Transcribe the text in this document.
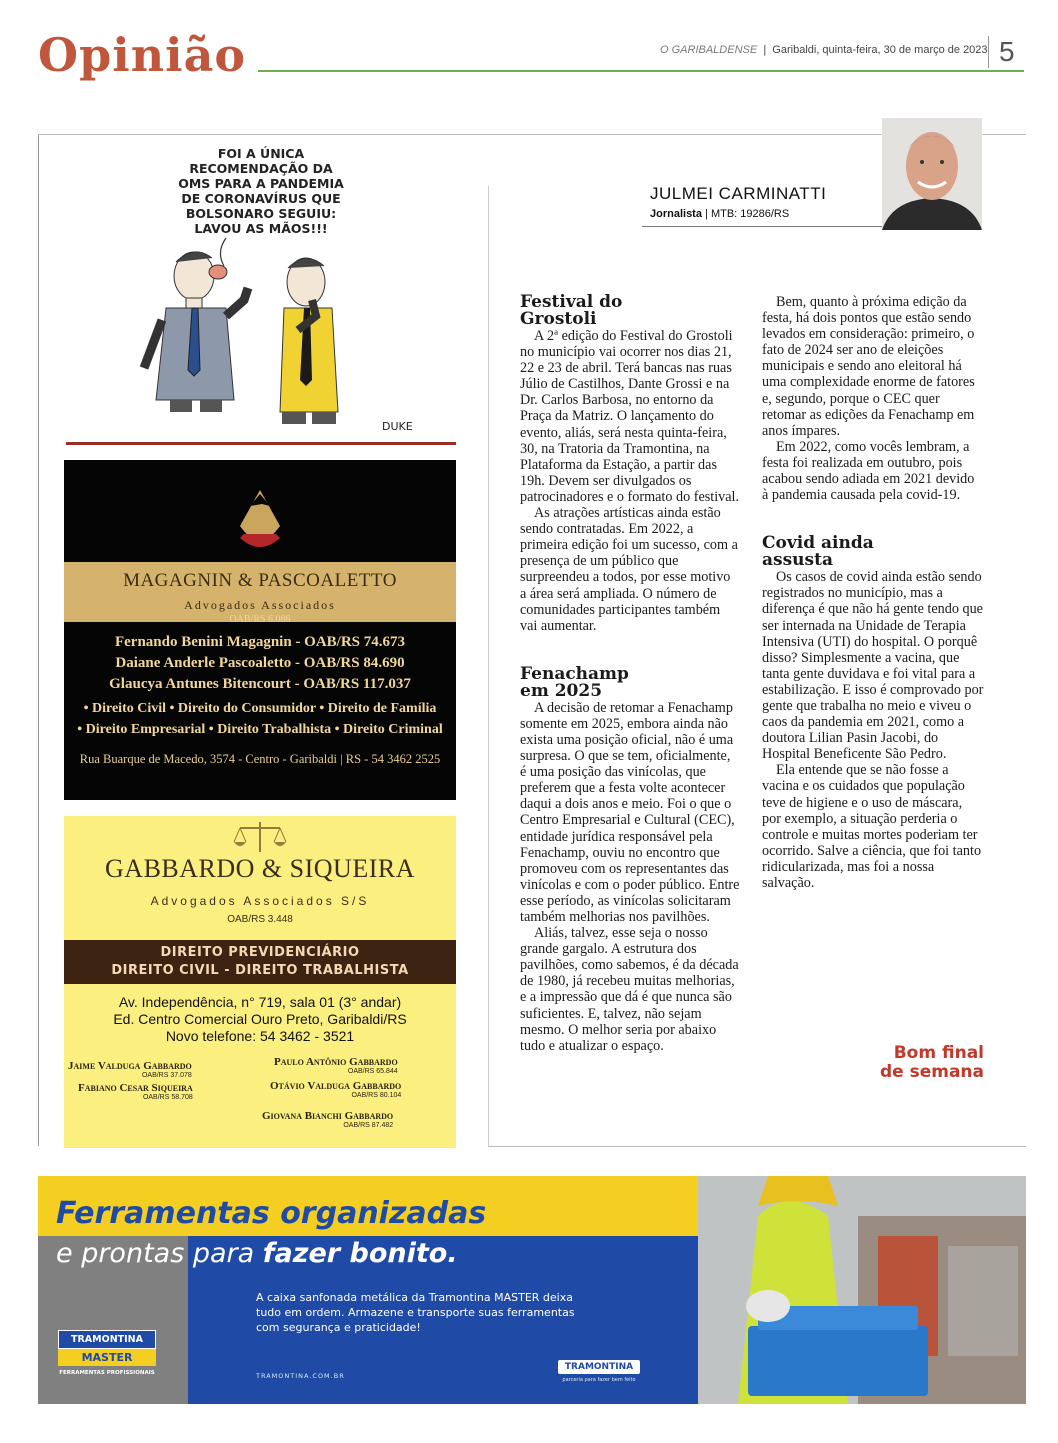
Opinião	O GARIBALDENSE  |  Garibaldi, quinta-feira, 30 de março de 2023 5
FOI A ÚNICA
RECOMENDAÇÃO DA
OMS PARA A PANDEMIA
DE CORONAVÍRUS QUE
BOLSONARO SEGUIU:
LAVOU AS MÃOS!!!
DUKE
MAGAGNIN & PASCOALETTO
Advogados Associados
OAB/RS 6.086
Fernando Benini Magagnin - OAB/RS 74.673
Daiane Anderle Pascoaletto - OAB/RS 84.690
Glaucya Antunes Bitencourt - OAB/RS 117.037
• Direito Civil • Direito do Consumidor • Direito de Família
• Direito Empresarial • Direito Trabalhista • Direito Criminal
Rua Buarque de Macedo, 3574 - Centro - Garibaldi | RS - 54 3462 2525
GABBARDO & SIQUEIRA
Advogados Associados S/S
OAB/RS 3.448
DIREITO PREVIDENCIÁRIO
DIREITO CIVIL - DIREITO TRABALHISTA
Av. Independência, n° 719, sala 01 (3° andar)
Ed. Centro Comercial Ouro Preto, Garibaldi/RS
Novo telefone: 54 3462 - 3521
Jaime Valduga Gabbardo
OAB/RS 37.078
Paulo Antônio Gabbardo
OAB/RS 65.844
Fabiano Cesar Siqueira
OAB/RS 58.708
Otávio Valduga Gabbardo
OAB/RS 80.104
Giovana Bianchi Gabbardo
OAB/RS 87.482
JULMEI CARMINATTI
Jornalista | MTB: 19286/RS
Festival do
Grostoli

A 2ª edição do Festival do Grostoli no município vai ocorrer nos dias 21, 22 e 23 de abril. Terá bancas nas ruas Júlio de Castilhos, Dante Grossi e na Dr. Carlos Barbosa, no entorno da Praça da Matriz. O lançamento do evento, aliás, será nesta quinta-feira, 30, na Tratoria da Tramontina, na Plataforma da Estação, a partir das 19h. Devem ser divulgados os patrocinadores e o formato do festival.

As atrações artísticas ainda estão sendo contratadas. Em 2022, a primeira edição foi um sucesso, com a presença de um público que surpreendeu a todos, por esse motivo a área será ampliada. O número de comunidades participantes também vai aumentar.

Fenachamp
em 2025

A decisão de retomar a Fenachamp somente em 2025, embora ainda não exista uma posição oficial, não é uma surpresa. O que se tem, oficialmente, é uma posição das vinícolas, que preferem que a festa volte acontecer daqui a dois anos e meio. Foi o que o Centro Empresarial e Cultural (CEC), entidade jurídica responsável pela Fenachamp, ouviu no encontro que promoveu com os representantes das vinícolas e com o poder público. Entre esse período, as vinícolas solicitaram também melhorias nos pavilhões.

Aliás, talvez, esse seja o nosso grande gargalo. A estrutura dos pavilhões, como sabemos, é da década de 1980, já recebeu muitas melhorias, e a impressão que dá é que nunca são suficientes. E, talvez, não sejam mesmo. O melhor seria por abaixo tudo e atualizar o espaço.

Bem, quanto à próxima edição da festa, há dois pontos que estão sendo levados em consideração: primeiro, o fato de 2024 ser ano de eleições municipais e sendo ano eleitoral há uma complexidade enorme de fatores e, segundo, porque o CEC quer retomar as edições da Fenachamp em anos ímpares.

Em 2022, como vocês lembram, a festa foi realizada em outubro, pois acabou sendo adiada em 2021 devido à pandemia causada pela covid-19.

Covid ainda
assusta

Os casos de covid ainda estão sendo registrados no município, mas a diferença é que não há gente tendo que ser internada na Unidade de Terapia Intensiva (UTI) do hospital. O porquê disso? Simplesmente a vacina, que tanta gente duvidava e foi vital para a estabilização. E isso é comprovado por gente que trabalha no meio e viveu o caos da pandemia em 2021, como a doutora Lilian Pasin Jacobi, do Hospital Beneficente São Pedro.

Ela entende que se não fosse a vacina e os cuidados que população teve de higiene e o uso de máscara, por exemplo, a situação perderia o controle e muitas mortes poderiam ter ocorrido. Salve a ciência, que foi tanto ridicularizada, mas foi a nossa salvação.

Bom final
de semana
Ferramentas organizadas
e prontas para fazer bonito.
A caixa sanfonada metálica da Tramontina MASTER deixa tudo em ordem. Armazene e transporte suas ferramentas com segurança e praticidade!
TRAMONTINA.COM.BR
TRAMONTINA
MASTER
FERRAMENTAS PROFISSIONAIS
TRAMONTINA
parceria para fazer bem feito
